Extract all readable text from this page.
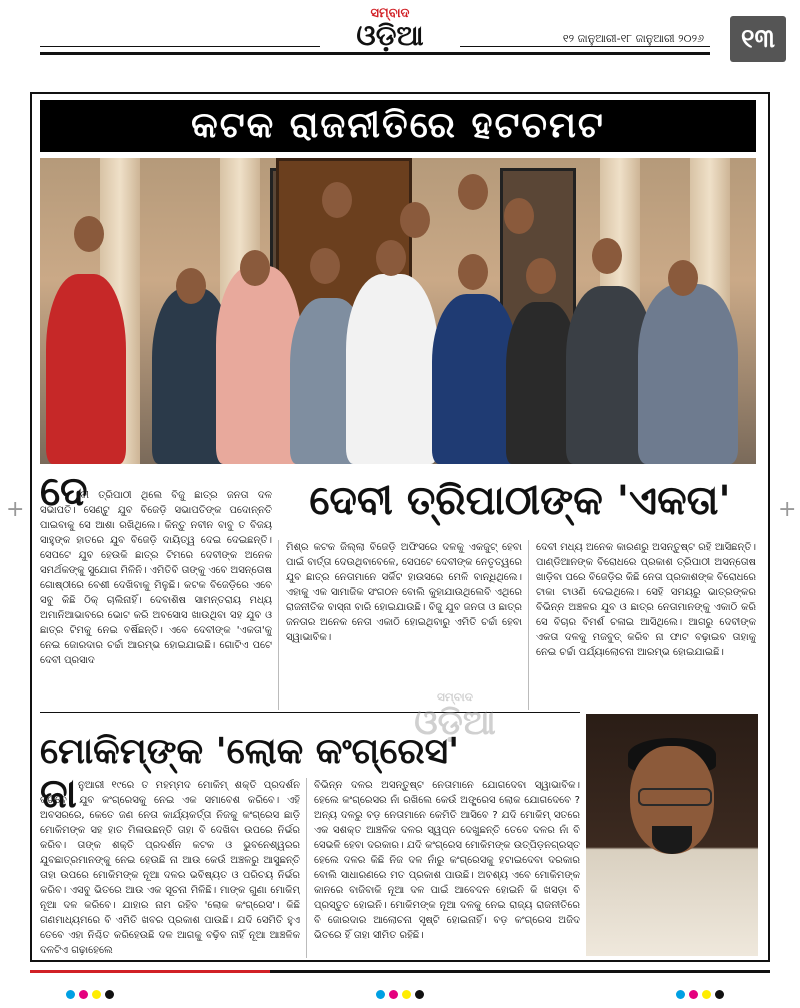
ସମ୍ବାଦ
ଓଡ଼ିଆ	୧୨ ଜାନୁଆରୀ-୧୮ ଜାନୁଆରୀ ୨୦୨୬	୧୩
କଟକ ରାଜନୀତିରେ ହଟଚମଟ
+	+
ଦେ	ଦେବୀ ତ୍ରିପାଠୀଙ୍କ 'ଏକତା'
ବୀ ତ୍ରିପାଠୀ ଥିଲେ ବିଜୁ ଛାତ୍ର ଜନତା ଦଳ ସଭାପତି। ସେଣ୍ଟୁ ଯୁବ ବିଜେଡ଼ି ସଭାପତିଙ୍କ ପଦୋନ୍ନତି ପାଇବାକୁ ସେ ଆଶା ରଖିଥିଲେ। କିନ୍ତୁ ନବୀନ ବାବୁ ତ ବିଜୟ ସାହୁଙ୍କ ହାତରେ ଯୁବ ବିଜେଡ଼ି ଦାୟିତ୍ୱ ଦେଇ ଦେଇଛନ୍ତି। ସେପଟେ ଯୁବ ହେଉକି ଛାତ୍ର ଟିମରେ ଦେବୀଙ୍କ ଅନେକ ସମର୍ଥକଙ୍କୁ ସୁଯୋଗ ମିଳିନି। ଏମିତିବି ତାଙ୍କୁ ଏବେ ଅସନ୍ତୋଷ ଗୋଷ୍ଠୀରେ ବେଶୀ ଦେଖିବାକୁ ମିଳୁଛି। କଟକ ବିଜେଡ଼ିରେ ଏବେ ସବୁ କିଛି ଠିକ୍ ଚାଲିନାହିଁ। ଦେବାଶିଷ ସାମନ୍ତରାୟ ମଧ୍ୟ ଅମାନିଆଭାବରେ ଭୋଟ କରି ଅବସୋସ ଖାଉଥିବା ସହ ଯୁବ ଓ ଛାତ୍ର ଟିମକୁ ନେଇ ବର୍ଷିଛନ୍ତି। ଏବେ ଦେବୀଙ୍କ 'ଏକତା'କୁ ନେଇ ଜୋରଦାର ଚର୍ଚ୍ଚା ଆରମ୍ଭ ହୋଇଯାଇଛି। ଗୋଟିଏ ପଟେ ଦେବୀ ପ୍ରସାଦ
ମିଶ୍ର କଟକ ଜିଲ୍ଲା ବିଜେଡ଼ି ଅଫିସରେ ଦଳକୁ ଏକଜୁଟ୍ ହେବା ପାଇଁ ବାର୍ତ୍ତା ଦେଉଥିବାବେଳେ, ସେପଟେ ଦେବୀଙ୍କ ନେତୃତ୍ୱରେ ଯୁବ ଛାତ୍ର ନେତାମାନେ ସର୍କିଟ ହାଉସରେ ମେଳି ବାନ୍ଧିଥିଲେ। ଏହାକୁ ଏକ ସାମାଜିକ ସଂଗଠନ ବୋଲି କୁହାଯାଉଥିଲେବି ଏଥିରେ ରାଜନୀତିକ ବାସ୍ନା ବାରି ହୋଇଯାଉଛି। ବିଜୁ ଯୁବ ଜନତା ଓ ଛାତ୍ର ଜନତାର ଅନେକ ନେତା ଏକାଠି ହୋଇଥିବାରୁ ଏମିତି ଚର୍ଚ୍ଚା ହେବା ସ୍ୱାଭାବିକ।
ଦେବୀ ମଧ୍ୟ ଅନେକ କାରଣରୁ ଅସନ୍ତୁଷ୍ଟ ରହି ଆସିଛନ୍ତି। ପାଣ୍ଡିଆନଙ୍କ ବିରୋଧରେ ପ୍ରକାଶ ତ୍ରିପାଠୀ ଅସନ୍ତୋଷ ଖାଡ଼ିବା ପରେ ବିଜେଡ଼ିର କିଛି ନେତା ପ୍ରକାଶଙ୍କ ବିରୋଧରେ ଟାକା ଟାଓଣି ଦେଇଥିଲେ। ସେହି ସମୟରୁ ଭାତ୍ରଙ୍କର ବିଭିନ୍ନ ଅଞ୍ଚଳର ଯୁବ ଓ ଛାତ୍ର ନେତାମାନଙ୍କୁ ଏକାଠି କରି ସେ ବିଚାର ବିମର୍ଶ ଚଳାଇ ଆସିଥିଲେ। ଆଗରୁ ଦେବୀଙ୍କ ଏକତା ଦଳକୁ ମଜବୁତ୍ କରିବ ନା ଫାଟ ବଢ଼ାଇବ ତାହାକୁ ନେଇ ଚର୍ଚ୍ଚା ପର୍ଯ୍ୟାଲୋଚନା ଆରମ୍ଭ ହୋଇଯାଇଛି।
ସମ୍ବାଦ
ଓଡ଼ିଆ
ମୋକିମ୍‌ଙ୍କ 'ଲୋକ କଂଗ୍ରେସ'
ଜା ନୁଆରୀ ୧୯ରେ ତ ମହମ୍ମଦ ମୋକିମ୍ ଶକ୍ତି ପ୍ରଦର୍ଶନ କରିବେ। ଯୁବ କଂଗ୍ରେସକୁ ନେଇ ଏକ ସମାବେଶ କରିବେ। ଏହି ଅବସରରେ, କେତେ ଜଣ ନେତା କାର୍ଯ୍ୟକର୍ତ୍ତା ନିଜକୁ କଂଗ୍ରେସ ଛାଡ଼ି ମୋକିମଙ୍କ ସହ ହାତ ମିଳାଉଛନ୍ତି ତାହା ବି ଦେଖିବା ଉପରେ ନିର୍ଭର କରିବ। ତାଙ୍କ ଶକ୍ତି ପ୍ରଦର୍ଶନ କଟକ ଓ ଭୁବନେଶ୍ୱରର ଯୁବଛାତ୍ରମାନଙ୍କୁ ନେଇ ହେଉଛି ନା ଆଉ କେଉଁ ଅଞ୍ଚଳରୁ ଆସୁଛନ୍ତି ତାହା ଉପରେ ମୋକିମଙ୍କ ନୂଆ ଦଳର ଭବିଷ୍ୟତ ଓ ପରିଚୟ ନିର୍ଭର କରିବ। ଏସବୁ ଭିତରେ ଆଉ ଏକ ସୂଚନା ମିଳିଛି। ମାଙ୍କ ଗୁଣା ମୋକିମ୍ ନୂଆ ଦଳ କରିବେ। ଯାହାର ନାମ ରହିବ 'ଲୋକ କଂଗ୍ରେସ'। କିଛି ଗଣମାଧ୍ୟମରେ ବି ଏମିତି ଖବର ପ୍ରକାଶ ପାଉଛି। ଯଦି ସେମିତି ହୁଏ ତେବେ ଏହା ନିଶ୍ଚିତ କରିହେଉଛି ଦଳ ଆଗକୁ ବଢ଼ିବ ନାହିଁ ନୂଆ ଆଞ୍ଚଳିକ ଦଳଟିଏ ଗଢ଼ାହେଲେ
ବିଭିନ୍ନ ଦଳର ଅସନ୍ତୁଷ୍ଟ ନେତାମାନେ ଯୋଗଦେବା ସ୍ୱାଭାବିକ। ହେଲେ କଂଗ୍ରେସର ନାଁ ରଖିଲେ କେଉଁ ଅଙ୍ଗ୍ରେସ ଲୋକ ଯୋଗଦେବେ ? ଅନ୍ୟ ଦଳରୁ ବଡ଼ ନେତାମାନେ କେମିତି ଆସିବେ ? ଯଦି ମୋକିମ୍ ସତରେ ଏକ ସଶକ୍ତ ଆଞ୍ଚଳିକ ଦଳର ସ୍ୱପ୍ନ ଦେଖୁଛନ୍ତି ତେବେ ଦଳର ନାଁ ବି ସେଭଳି ହେବା ଦରକାର। ଯଦି କଂଗ୍ରେସ ମୋକିମଙ୍କ ଉତ୍ପିଡ଼ନଗ୍ରସ୍ତ ହେଲେ ଦଳର କିଛି ନିଜ ଦଳ ନାଁରୁ କଂଗ୍ରେସକୁ ହଟାଇଦେବା ଦରକାର ବୋଲି ସାଧାରଣରେ ମତ ପ୍ରକାଶ ପାଉଛି। ଅବଶ୍ୟ ଏବେ ମୋକିମଙ୍କ କାନରେ ବାଜିବାକି ନୂଆ ଦଳ ପାଇଁ ଆବେଦନ ହୋଇନି କି ଖସଡ଼ା ବି ପ୍ରସ୍ତୁତ ହୋଇନି। ମୋକିମଙ୍କ ନୂଆ ଦଳକୁ ନେଇ ରାଜ୍ୟ ରାଜନୀତିରେ ବି ଜୋରଦାର ଆଲୋଚନା ସୃଷ୍ଟି ହୋଇନାହିଁ। ବଡ଼ କଂଗ୍ରେସ ଅଜିଦ ଭିତରେ ହିଁ ତାହା ସୀମିତ ରହିଛି।
